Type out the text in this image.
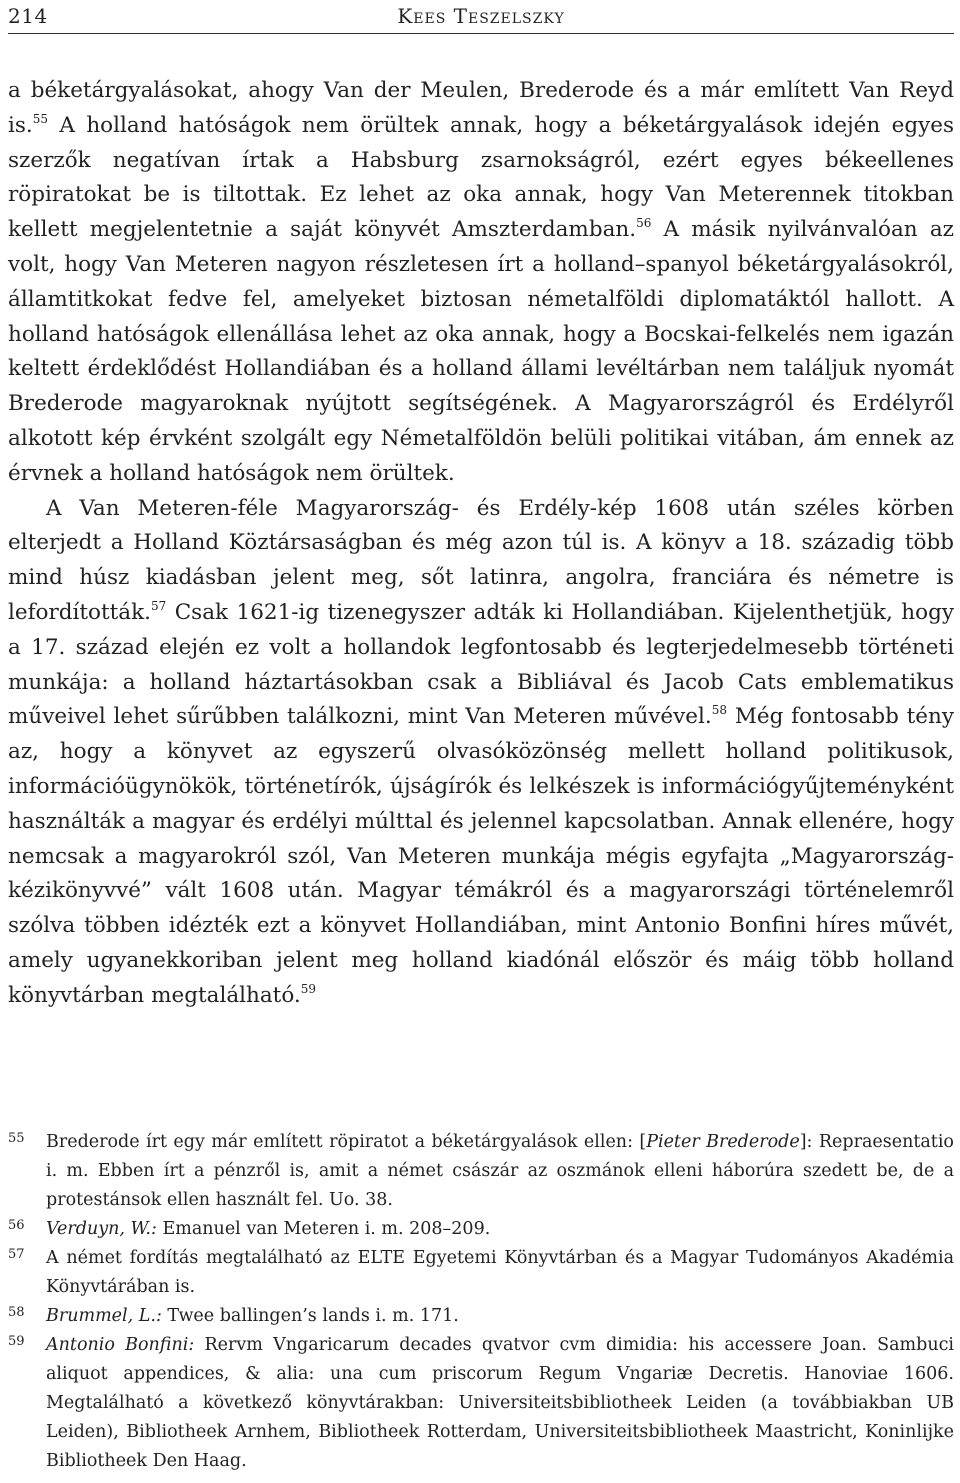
214	Kees Teszelszky

a béketárgyalásokat, ahogy Van der Meulen, Brederode és a már említett Van Reyd is.$^{55}$ A holland hatóságok nem örültek annak, hogy a béketárgyalások idején egyes szerzők negatívan írtak a Habsburg zsarnokságról, ezért egyes békeellenes röpiratokat be is tiltottak. Ez lehet az oka annak, hogy Van Meterennek titokban kellett megjelentetnie a saját könyvét Amszterdamban.$^{56}$ A másik nyilvánvalóan az volt, hogy Van Meteren nagyon részletesen írt a holland–spanyol béketárgyalásokról, államtitkokat fedve fel, amelyeket biztosan németalföldi diplomatáktól hallott. A holland hatóságok ellenállása lehet az oka annak, hogy a Bocskai-felkelés nem igazán keltett érdeklődést Hollandiában és a holland állami levéltárban nem találjuk nyomát Brederode magyaroknak nyújtott segítségének. A Magyarországról és Erdélyről alkotott kép érvként szolgált egy Németalföldön belüli politikai vitában, ám ennek az érvnek a holland hatóságok nem örültek.

A Van Meteren-féle Magyarország- és Erdély-kép 1608 után széles körben elterjedt a Holland Köztársaságban és még azon túl is. A könyv a 18. századig több mind húsz kiadásban jelent meg, sőt latinra, angolra, franciára és németre is lefordították.$^{57}$ Csak 1621-ig tizenegyszer adták ki Hollandiában. Kijelenthetjük, hogy a 17. század elején ez volt a hollandok legfontosabb és legterjedelmesebb történeti munkája: a holland háztartásokban csak a Bibliával és Jacob Cats emblematikus műveivel lehet sűrűbben találkozni, mint Van Meteren művével.$^{58}$ Még fontosabb tény az, hogy a könyvet az egyszerű olvasóközönség mellett holland politikusok, információügynökök, történetírók, újságírók és lelkészek is információgyűjteményként használták a magyar és erdélyi múlttal és jelennel kapcsolatban. Annak ellenére, hogy nemcsak a magyarokról szól, Van Meteren munkája mégis egyfajta „Magyarország-kézikönyvvé” vált 1608 után. Magyar témákról és a magyarországi történelemről szólva többen idézték ezt a könyvet Hollandiában, mint Antonio Bonfini híres művét, amely ugyanekkoriban jelent meg holland kiadónál először és máig több holland könyvtárban megtalálható.$^{59}$

55 Brederode írt egy már említett röpiratot a béketárgyalások ellen: [Pieter Brederode]: Repraesentatio i. m. Ebben írt a pénzről is, amit a német császár az oszmánok elleni háborúra szedett be, de a protestánsok ellen használt fel. Uo. 38.
56 Verduyn, W.: Emanuel van Meteren i. m. 208–209.
57 A német fordítás megtalálható az ELTE Egyetemi Könyvtárban és a Magyar Tudományos Akadémia Könyvtárában is.
58 Brummel, L.: Twee ballingen’s lands i. m. 171.
59 Antonio Bonfini: Rervm Vngaricarum decades qvatvor cvm dimidia: his accessere Joan. Sambuci aliquot appendices, & alia: una cum priscorum Regum Vngariæ Decretis. Hanoviae 1606. Megtalálható a következő könyvtárakban: Universiteitsbibliotheek Leiden (a továbbiakban UB Leiden), Bibliotheek Arnhem, Bibliotheek Rotterdam, Universiteitsbibliotheek Maastricht, Koninlijke Bibliotheek Den Haag.
